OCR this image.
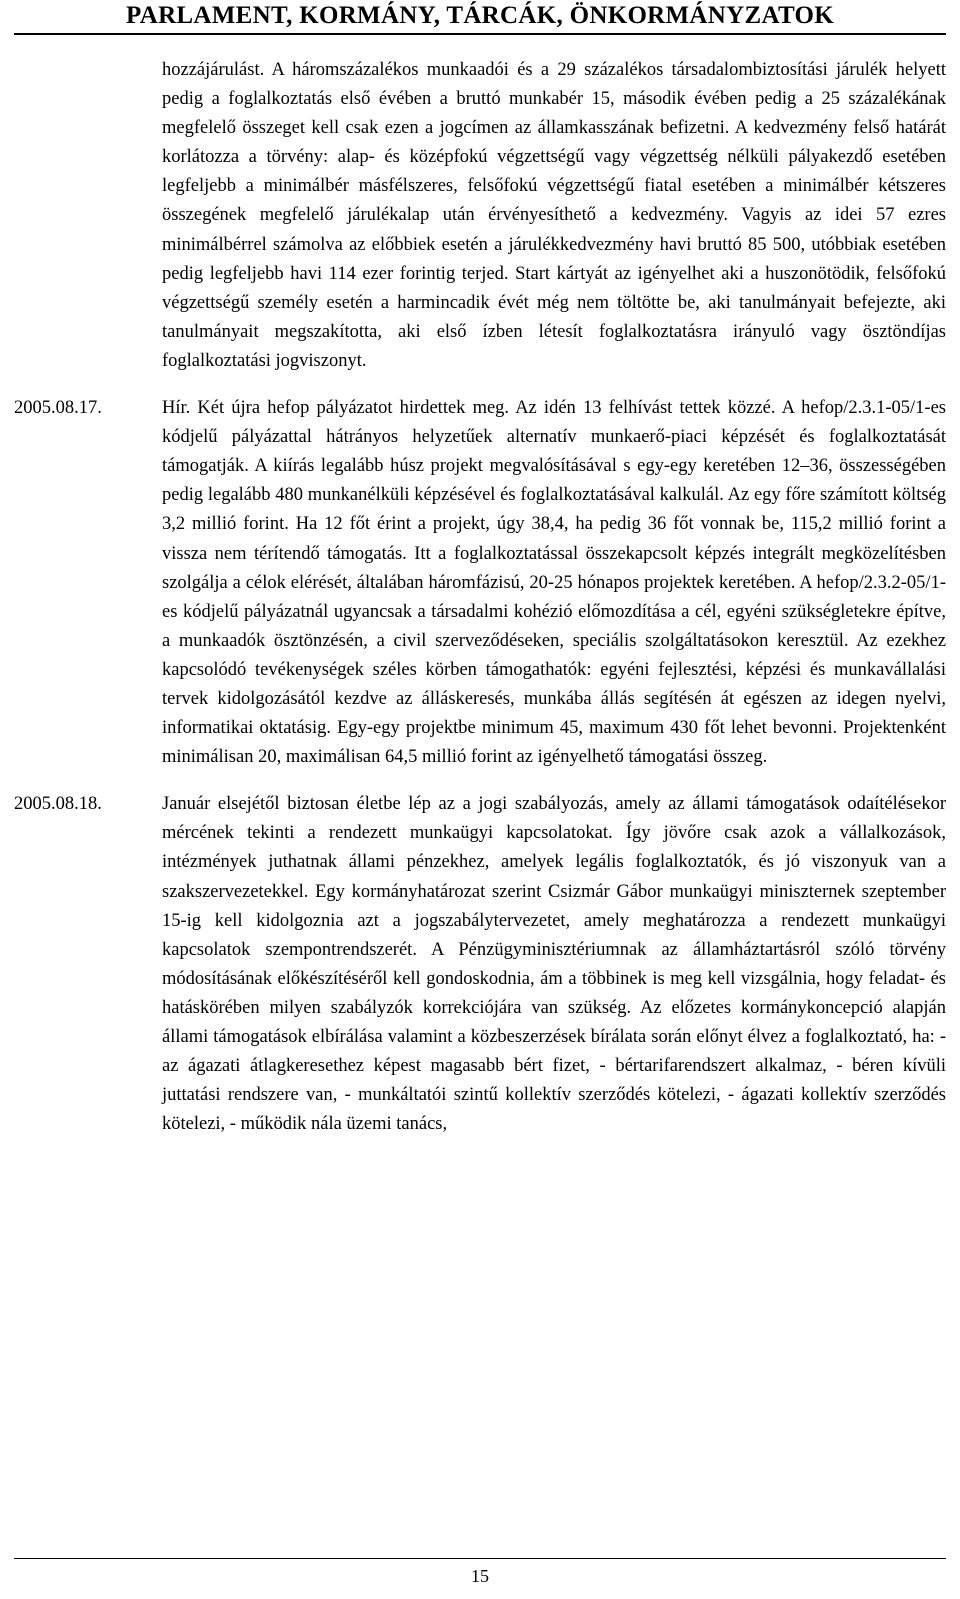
PARLAMENT, KORMÁNY, TÁRCÁK, ÖNKORMÁNYZATOK
hozzájárulást. A háromszázalékos munkaadói és a 29 százalékos társadalombiztosítási járulék helyett pedig a foglalkoztatás első évében a bruttó munkabér 15, második évében pedig a 25 százalékának megfelelő összeget kell csak ezen a jogcímen az államkasszának befizetni. A kedvezmény felső határát korlátozza a törvény: alap- és középfokú végzettségű vagy végzettség nélküli pályakezdő esetében legfeljebb a minimálbér másfélszeres, felsőfokú végzettségű fiatal esetében a minimálbér kétszeres összegének megfelelő járulékalap után érvényesíthető a kedvezmény. Vagyis az idei 57 ezres minimálbérrel számolva az előbbiek esetén a járulékkedvezmény havi bruttó 85 500, utóbbiak esetében pedig legfeljebb havi 114 ezer forintig terjed. Start kártyát az igényelhet aki a huszonötödik, felsőfokú végzettségű személy esetén a harmincadik évét még nem töltötte be, aki tanulmányait befejezte, aki tanulmányait megszakította, aki első ízben létesít foglalkoztatásra irányuló vagy ösztöndíjas foglalkoztatási jogviszonyt.
2005.08.17.	Hír. Két újra hefop pályázatot hirdettek meg. Az idén 13 felhívást tettek közzé. A hefop/2.3.1-05/1-es kódjelű pályázattal hátrányos helyzetűek alternatív munkaerő-piaci képzését és foglalkoztatását támogatják. A kiírás legalább húsz projekt megvalósításával s egy-egy keretében 12–36, összességében pedig legalább 480 munkanélküli képzésével és foglalkoztatásával kalkulál. Az egy főre számított költség 3,2 millió forint. Ha 12 főt érint a projekt, úgy 38,4, ha pedig 36 főt vonnak be, 115,2 millió forint a vissza nem térítendő támogatás. Itt a foglalkoztatással összekapcsolt képzés integrált megközelítésben szolgálja a célok elérését, általában háromfázisú, 20-25 hónapos projektek keretében. A hefop/2.3.2-05/1-es kódjelű pályázatnál ugyancsak a társadalmi kohézió előmozdítása a cél, egyéni szükségletekre építve, a munkaadók ösztönzésén, a civil szerveződéseken, speciális szolgáltatásokon keresztül. Az ezekhez kapcsolódó tevékenységek széles körben támogathatók: egyéni fejlesztési, képzési és munkavállalási tervek kidolgozásától kezdve az álláskeresés, munkába állás segítésén át egészen az idegen nyelvi, informatikai oktatásig. Egy-egy projektbe minimum 45, maximum 430 főt lehet bevonni. Projektenként minimálisan 20, maximálisan 64,5 millió forint az igényelhető támogatási összeg.
2005.08.18.	Január elsejétől biztosan életbe lép az a jogi szabályozás, amely az állami támogatások odaítélésekor mércének tekinti a rendezett munkaügyi kapcsolatokat. Így jövőre csak azok a vállalkozások, intézmények juthatnak állami pénzekhez, amelyek legális foglalkoztatók, és jó viszonyuk van a szakszervezetekkel. Egy kormányhatározat szerint Csizmár Gábor munkaügyi miniszternek szeptember 15-ig kell kidolgoznia azt a jogszabálytervezetet, amely meghatározza a rendezett munkaügyi kapcsolatok szempontrendszerét. A Pénzügyminisztériumnak az államháztartásról szóló törvény módosításának előkészítéséről kell gondoskodnia, ám a többinek is meg kell vizsgálnia, hogy feladat- és hatáskörében milyen szabályzók korrekciójára van szükség. Az előzetes kormánykoncepció alapján állami támogatások elbírálása valamint a közbeszerzések bírálata során előnyt élvez a foglalkoztató, ha: - az ágazati átlagkeresethez képest magasabb bért fizet, - bértarifarendszert alkalmaz, - béren kívüli juttatási rendszere van, - munkáltatói szintű kollektív szerződés kötelezi, - ágazati kollektív szerződés kötelezi, - működik nála üzemi tanács,
15
